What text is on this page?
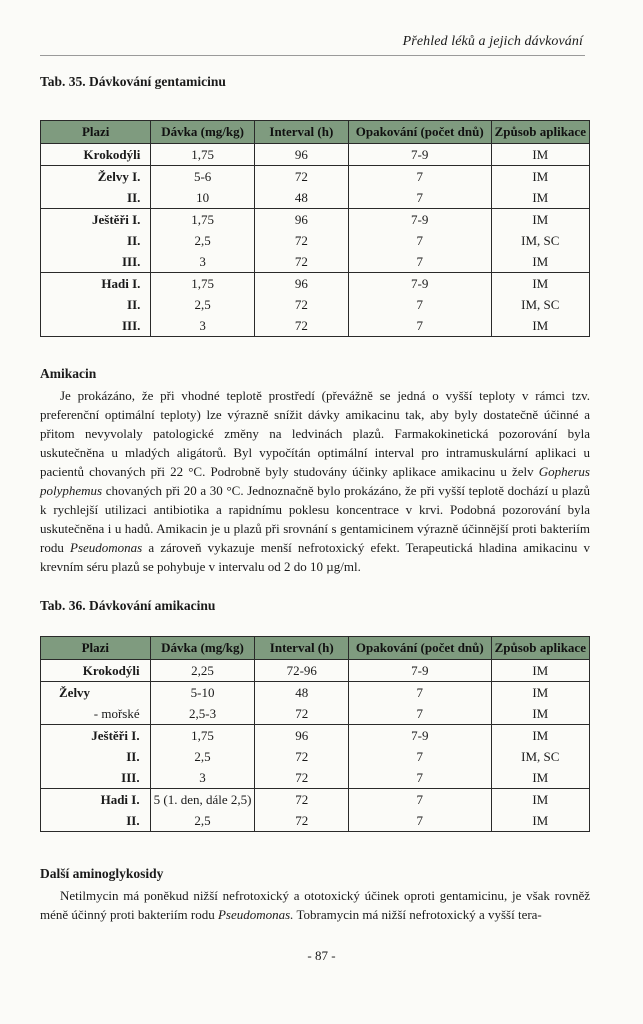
Přehled léků a jejich dávkování
Tab. 35. Dávkování gentamicinu
Plazi	Dávka (mg/kg)	Interval (h)	Opakování (počet dnů)	Způsob aplikace
Krokodýli	1,75	96	7-9	IM
Želvy I.	5-6	72	7	IM
II.	10	48	7	IM
Ještěři I.	1,75	96	7-9	IM
II.	2,5	72	7	IM, SC
III.	3	72	7	IM
Hadi I.	1,75	96	7-9	IM
II.	2,5	72	7	IM, SC
III.	3	72	7	IM
Amikacin

Je prokázáno, že při vhodné teplotě prostředí (převážně se jedná o vyšší teploty v rámci tzv. preferenční optimální teploty) lze výrazně snížit dávky amikacinu tak, aby byly dostatečně účinné a přitom nevyvolaly patologické změny na ledvinách plazů. Farmakokinetická pozorování byla uskutečněna u mladých aligátorů. Byl vypočítán optimální interval pro intramuskulární aplikaci u pacientů chovaných při 22 °C. Podrobně byly studovány účinky aplikace amikacinu u želv Gopherus polyphemus chovaných při 20 a 30 °C. Jednoznačně bylo prokázáno, že při vyšší teplotě dochází u plazů k rychlejší utilizaci antibiotika a rapidnímu poklesu koncentrace v krvi. Podobná pozorování byla uskutečněna i u hadů. Amikacin je u plazů při srovnání s gentamicinem výrazně účinnější proti bakteriím rodu Pseudomonas a zároveň vykazuje menší nefrotoxický efekt. Terapeutická hladina amikacinu v krevním séru plazů se pohybuje v intervalu od 2 do 10 µg/ml.

Tab. 36. Dávkování amikacinu
Plazi	Dávka (mg/kg)	Interval (h)	Opakování (počet dnů)	Způsob aplikace
Krokodýli	2,25	72-96	7-9	IM
Želvy	5-10	48	7	IM
- mořské	2,5-3	72	7	IM
Ještěři I.	1,75	96	7-9	IM
II.	2,5	72	7	IM, SC
III.	3	72	7	IM
Hadi I.	5 (1. den, dále 2,5)	72	7	IM
II.	2,5	72	7	IM
Další aminoglykosidy

Netilmycin má poněkud nižší nefrotoxický a ototoxický účinek oproti gentamicinu, je však rovněž méně účinný proti bakteriím rodu Pseudomonas. Tobramycin má nižší nefrotoxický a vyšší tera-

- 87 -
